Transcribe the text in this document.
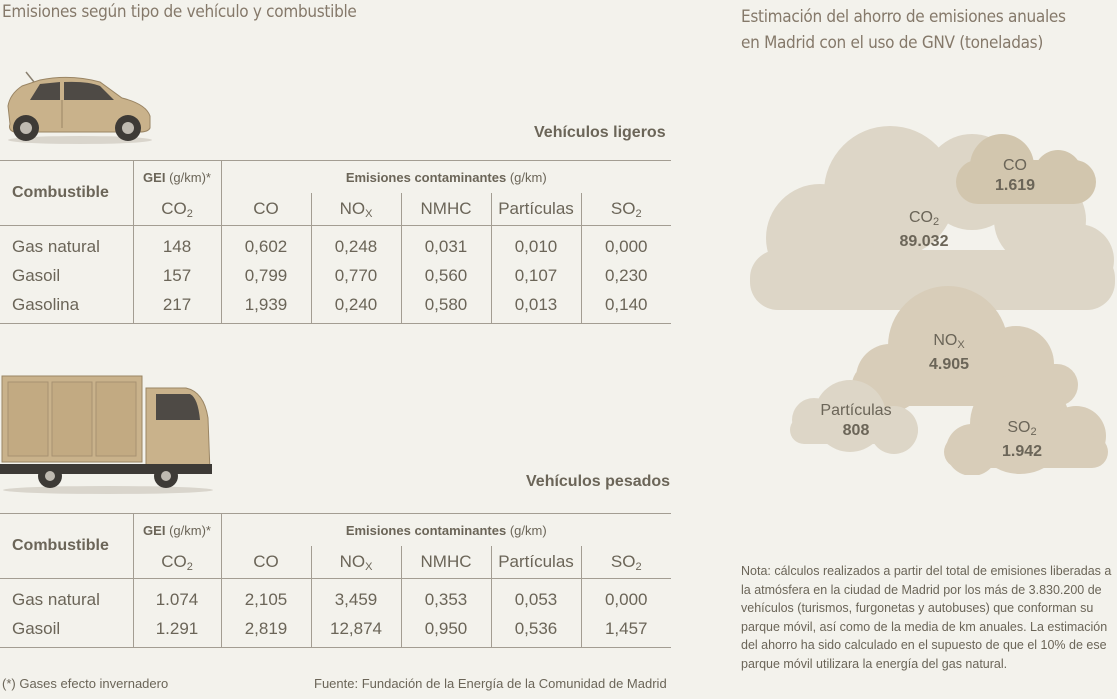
Emisiones según tipo de vehículo y combustible	Estimación del ahorro de emisiones anuales
en Madrid con el uso de GNV (toneladas)
Vehículos ligeros
Combustible	GEI (g/km)*	Emisiones contaminantes (g/km)				
	$CO_2$	CO	$NO_X$	NMHC	Partículas	$SO_2$
Gas natural	148	0,602	0,248	0,031	0,010	0,000
Gasoil	157	0,799	0,770	0,560	0,107	0,230
Gasolina	217	1,939	0,240	0,580	0,013	0,140
Vehículos pesados
Combustible	GEI (g/km)*	Emisiones contaminantes (g/km)				
	$CO_2$	CO	$NO_X$	NMHC	Partículas	$SO_2$
Gas natural	1.074	2,105	3,459	0,353	0,053	0,000
Gasoil	1.291	2,819	12,874	0,950	0,536	1,457
(*) Gases efecto invernadero	Fuente: Fundación de la Energía de la Comunidad de Madrid
$CO_2$
89.032
CO
1.619
$NO_X$
4.905
Partículas
808	$SO_2$
1.942
Nota: cálculos realizados a partir del total de emisiones liberadas a la atmósfera en la ciudad de Madrid por los más de 3.830.200 de vehículos (turismos, furgonetas y autobuses) que conforman su parque móvil, así como de la media de km anuales. La estimación del ahorro ha sido calculado en el supuesto de que el 10% de ese parque móvil utilizara la energía del gas natural.
